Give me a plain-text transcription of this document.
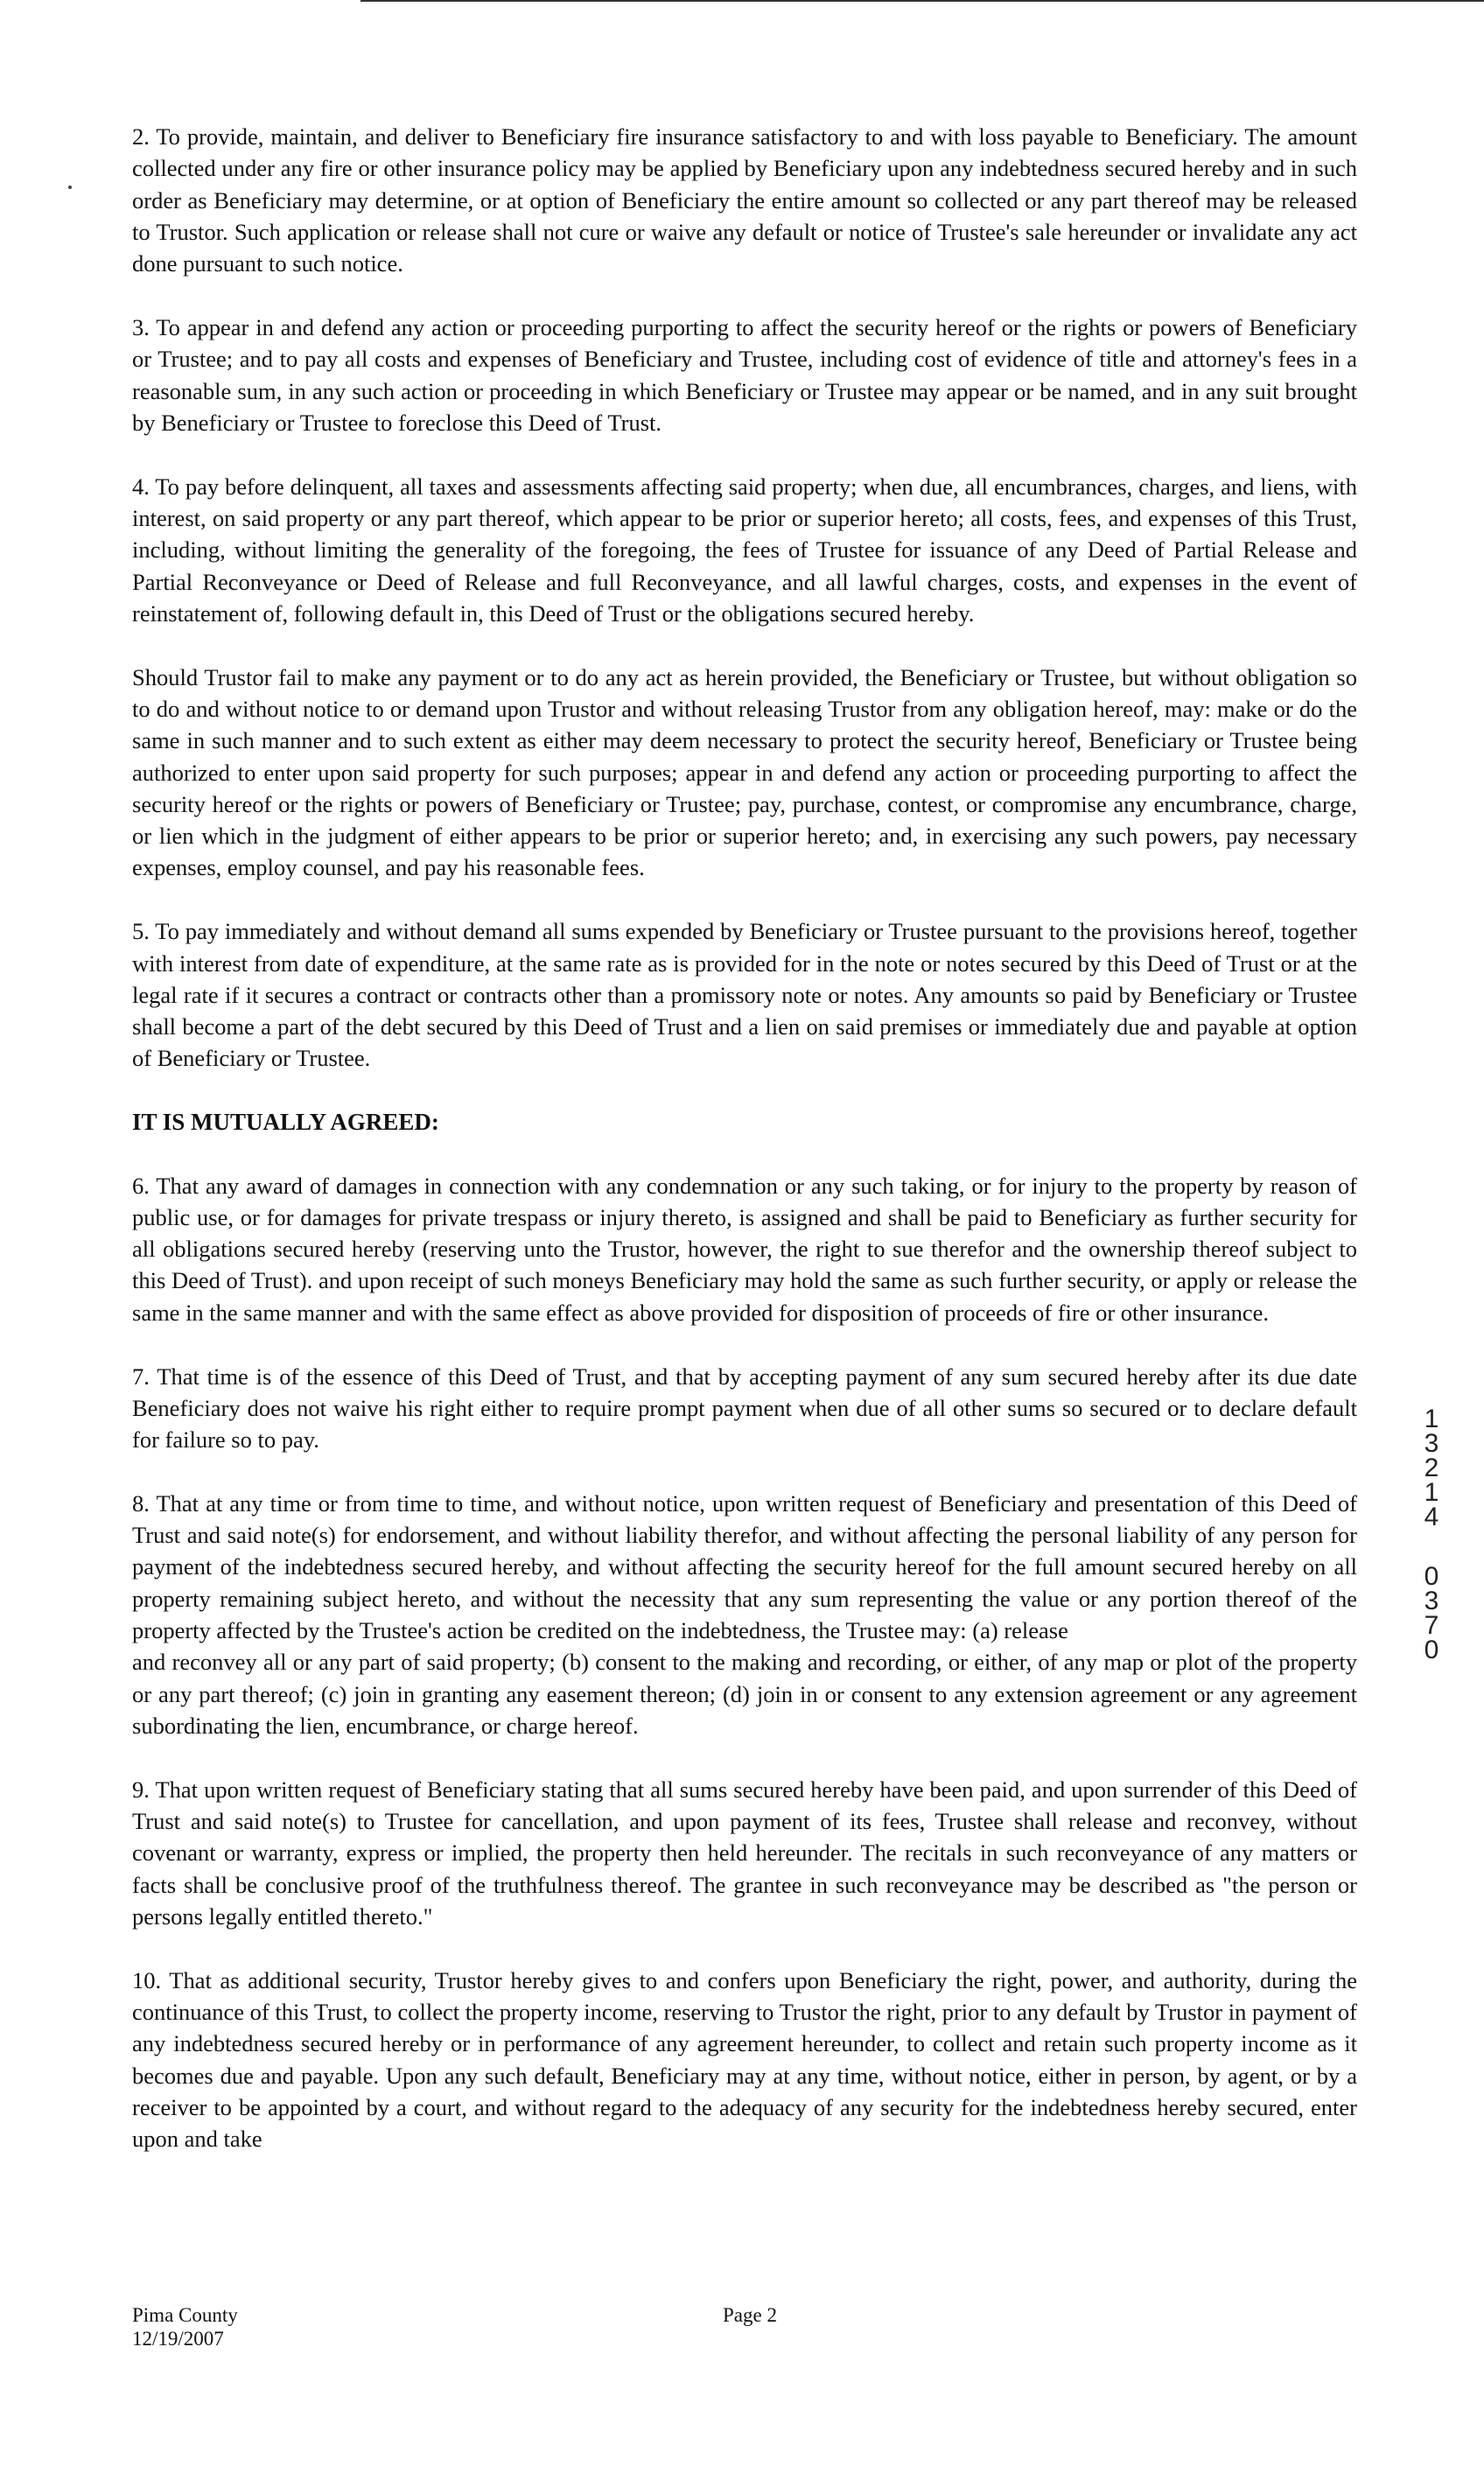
2. To provide, maintain, and deliver to Beneficiary fire insurance satisfactory to and with loss payable to Beneficiary. The amount collected under any fire or other insurance policy may be applied by Beneficiary upon any indebtedness secured hereby and in such order as Beneficiary may determine, or at option of Beneficiary the entire amount so collected or any part thereof may be released to Trustor. Such application or release shall not cure or waive any default or notice of Trustee's sale hereunder or invalidate any act done pursuant to such notice.

3. To appear in and defend any action or proceeding purporting to affect the security hereof or the rights or powers of Beneficiary or Trustee; and to pay all costs and expenses of Beneficiary and Trustee, including cost of evidence of title and attorney's fees in a reasonable sum, in any such action or proceeding in which Beneficiary or Trustee may appear or be named, and in any suit brought by Beneficiary or Trustee to foreclose this Deed of Trust.

4. To pay before delinquent, all taxes and assessments affecting said property; when due, all encumbrances, charges, and liens, with interest, on said property or any part thereof, which appear to be prior or superior hereto; all costs, fees, and expenses of this Trust, including, without limiting the generality of the foregoing, the fees of Trustee for issuance of any Deed of Partial Release and Partial Reconveyance or Deed of Release and full Reconveyance, and all lawful charges, costs, and expenses in the event of reinstatement of, following default in, this Deed of Trust or the obligations secured hereby.

Should Trustor fail to make any payment or to do any act as herein provided, the Beneficiary or Trustee, but without obligation so to do and without notice to or demand upon Trustor and without releasing Trustor from any obligation hereof, may: make or do the same in such manner and to such extent as either may deem necessary to protect the security hereof, Beneficiary or Trustee being authorized to enter upon said property for such purposes; appear in and defend any action or proceeding purporting to affect the security hereof or the rights or powers of Beneficiary or Trustee; pay, purchase, contest, or compromise any encumbrance, charge, or lien which in the judgment of either appears to be prior or superior hereto; and, in exercising any such powers, pay necessary expenses, employ counsel, and pay his reasonable fees.

5. To pay immediately and without demand all sums expended by Beneficiary or Trustee pursuant to the provisions hereof, together with interest from date of expenditure, at the same rate as is provided for in the note or notes secured by this Deed of Trust or at the legal rate if it secures a contract or contracts other than a promissory note or notes. Any amounts so paid by Beneficiary or Trustee shall become a part of the debt secured by this Deed of Trust and a lien on said premises or immediately due and payable at option of Beneficiary or Trustee.

IT IS MUTUALLY AGREED:

6. That any award of damages in connection with any condemnation or any such taking, or for injury to the property by reason of public use, or for damages for private trespass or injury thereto, is assigned and shall be paid to Beneficiary as further security for all obligations secured hereby (reserving unto the Trustor, however, the right to sue therefor and the ownership thereof subject to this Deed of Trust). and upon receipt of such moneys Beneficiary may hold the same as such further security, or apply or release the same in the same manner and with the same effect as above provided for disposition of proceeds of fire or other insurance.

7. That time is of the essence of this Deed of Trust, and that by accepting payment of any sum secured hereby after its due date Beneficiary does not waive his right either to require prompt payment when due of all other sums so secured or to declare default for failure so to pay.

8. That at any time or from time to time, and without notice, upon written request of Beneficiary and presentation of this Deed of Trust and said note(s) for endorsement, and without liability therefor, and without affecting the personal liability of any person for payment of the indebtedness secured hereby, and without affecting the security hereof for the full amount secured hereby on all property remaining subject hereto, and without the necessity that any sum representing the value or any portion thereof of the property affected by the Trustee's action be credited on the indebtedness, the Trustee may: (a) release

and reconvey all or any part of said property; (b) consent to the making and recording, or either, of any map or plot of the property or any part thereof; (c) join in granting any easement thereon; (d) join in or consent to any extension agreement or any agreement subordinating the lien, encumbrance, or charge hereof.

9. That upon written request of Beneficiary stating that all sums secured hereby have been paid, and upon surrender of this Deed of Trust and said note(s) to Trustee for cancellation, and upon payment of its fees, Trustee shall release and reconvey, without covenant or warranty, express or implied, the property then held hereunder. The recitals in such reconveyance of any matters or facts shall be conclusive proof of the truthfulness thereof. The grantee in such reconveyance may be described as "the person or persons legally entitled thereto."

10. That as additional security, Trustor hereby gives to and confers upon Beneficiary the right, power, and authority, during the continuance of this Trust, to collect the property income, reserving to Trustor the right, prior to any default by Trustor in payment of any indebtedness secured hereby or in performance of any agreement hereunder, to collect and retain such property income as it becomes due and payable. Upon any such default, Beneficiary may at any time, without notice, either in person, by agent, or by a receiver to be appointed by a court, and without regard to the adequacy of any security for the indebtedness hereby secured, enter upon and take

1
3
2
1
4
0
3
7
0
Pima County
12/19/2007
Page 2
